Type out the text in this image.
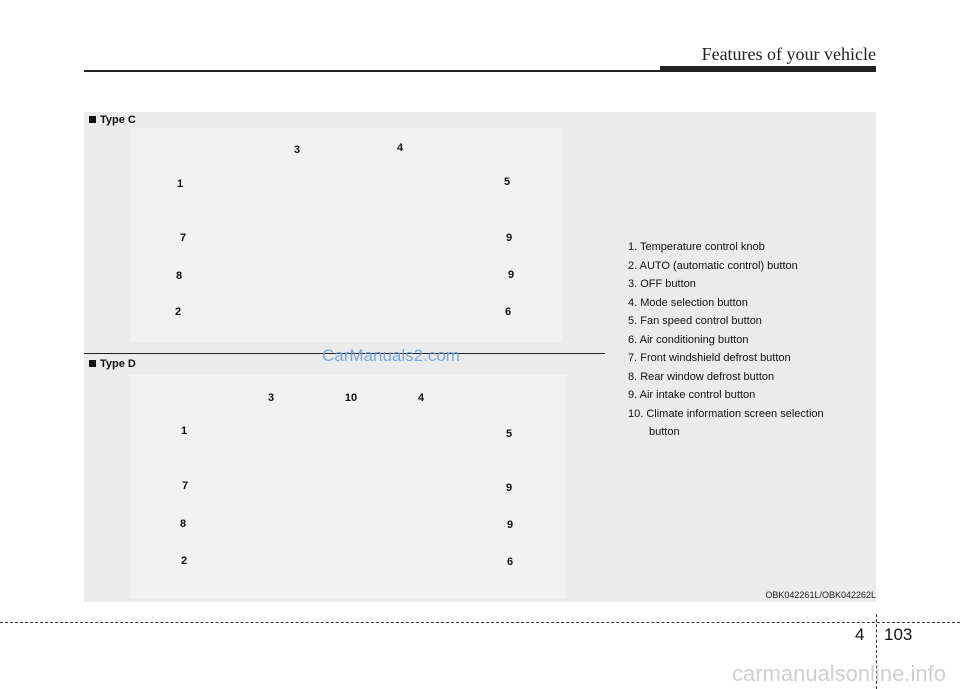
Features of your vehicle
Type C
Type D
3	4
1	5
7	9
8	9
2	6
3	10	4
1	5
7	9
8	9
2	6
1. Temperature control knob
2. AUTO (automatic control) button
3. OFF button
4. Mode selection button
5. Fan speed control button
6. Air conditioning button
7. Front windshield defrost button
8. Rear window defrost button
9. Air intake control button
10. Climate information screen selection
button
OBK042261L/OBK042262L
CarManuals2.com
4 103
carmanualsonline.info
